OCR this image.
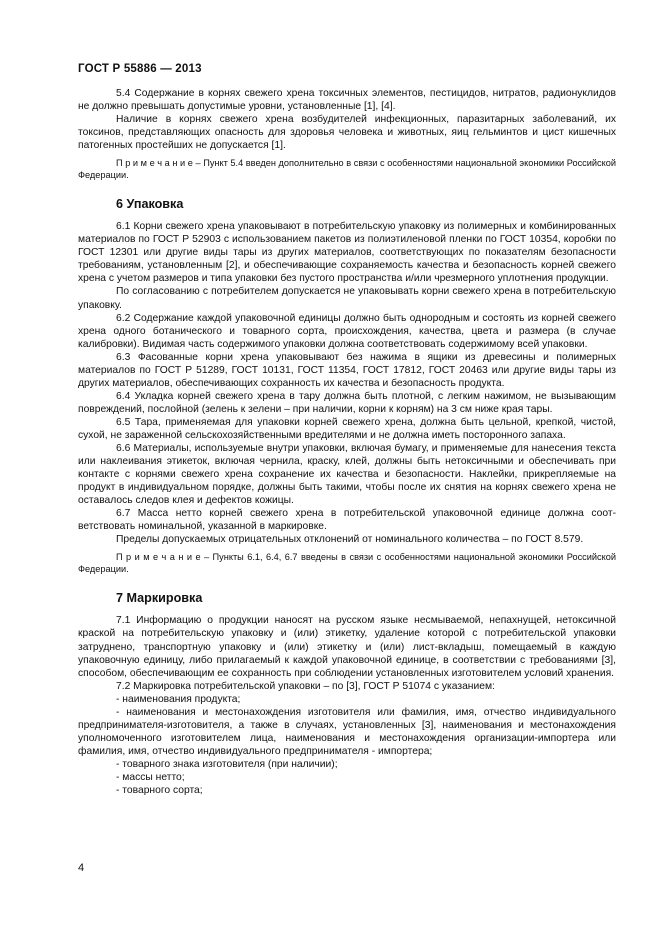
ГОСТ Р 55886 — 2013

5.4 Содержание в корнях свежего хрена токсичных элементов, пестицидов, нитратов, радионуклидов не должно превышать допустимые уровни, установленные [1], [4].

Наличие в корнях свежего хрена возбудителей инфекционных, паразитарных заболеваний, их токсинов, представляющих опасность для здоровья человека и животных, яиц гельминтов и цист кишечных патогенных простейших не допускается [1].

П р и м е ч а н и е – Пункт 5.4 введен дополнительно в связи с особенностями национальной экономики Российской Федерации.

6 Упаковка

6.1 Корни свежего хрена упаковывают в потребительскую упаковку из полимерных и комбинированных материалов по ГОСТ Р 52903 с использованием пакетов из полиэтиленовой пленки по ГОСТ 10354, коробки по ГОСТ 12301 или другие виды тары из других материалов, соответствующих по показателям безопасности требованиям, установленным [2], и обеспечивающие сохраняемость качества и безопасность корней свежего хрена с учетом размеров и типа упаковки без пустого пространства и/или чрезмерного уплотнения продукции.

По согласованию с потребителем допускается не упаковывать корни свежего хрена в потребительскую упаковку.

6.2 Содержание каждой упаковочной единицы должно быть однородным и состоять из корней свежего хрена одного ботанического и товарного сорта, происхождения, качества, цвета и размера (в случае калибровки). Видимая часть содержимого упаковки должна соответствовать содержимому всей упаковки.

6.3 Фасованные корни хрена упаковывают без нажима в ящики из древесины и полимерных материалов по ГОСТ Р 51289, ГОСТ 10131, ГОСТ 11354, ГОСТ 17812, ГОСТ 20463 или другие виды тары из других материалов, обеспечивающих сохранность их качества и безопасность продукта.

6.4 Укладка корней свежего хрена в тару должна быть плотной, с легким нажимом, не вызывающим повреждений, послойной (зелень к зелени – при наличии, корни к корням) на 3 см ниже края тары.

6.5 Тара, применяемая для упаковки корней свежего хрена, должна быть цельной, крепкой, чистой, сухой, не зараженной сельскохозяйственными вредителями и не должна иметь посторонного запаха.

6.6 Материалы, используемые внутри упаковки, включая бумагу, и применяемые для нанесения текста или наклеивания этикеток, включая чернила, краску, клей, должны быть нетоксичными и обеспечивать при контакте с корнями свежего хрена сохранение их качества и безопасности. Наклейки, прикрепляемые на продукт в индивидуальном порядке, должны быть такими, чтобы после их снятия на корнях свежего хрена не оставалось следов клея и дефектов кожицы.

6.7 Масса нетто корней свежего хрена в потребительской упаковочной единице должна соответствовать номинальной, указанной в маркировке.

Пределы допускаемых отрицательных отклонений от номинального количества – по ГОСТ 8.579.

П р и м е ч а н и е – Пункты 6.1, 6.4, 6.7 введены в связи с особенностями национальной экономики Российской Федерации.

7 Маркировка

7.1 Информацию о продукции наносят на русском языке несмываемой, непахнущей, нетоксичной краской на потребительскую упаковку и (или) этикетку, удаление которой с потребительской упаковки затруднено, транспортную упаковку и (или) этикетку и (или) лист-вкладыш, помещаемый в каждую упаковочную единицу, либо прилагаемый к каждой упаковочной единице, в соответствии с требованиями [3], способом, обеспечивающим ее сохранность при соблюдении установленных изготовителем условий хранения.

7.2 Маркировка потребительской упаковки – по [3], ГОСТ Р 51074 с указанием:

- наименования продукта;

- наименования и местонахождения изготовителя или фамилия, имя, отчество индивидуального предпринимателя-изготовителя, а также в случаях, установленных [3], наименования и местонахождения уполномоченного изготовителем лица, наименования и местонахождения организации-импортера или фамилия, имя, отчество индивидуального предпринимателя - импортера;

- товарного знака изготовителя (при наличии);

- массы нетто;

- товарного сорта;

4
